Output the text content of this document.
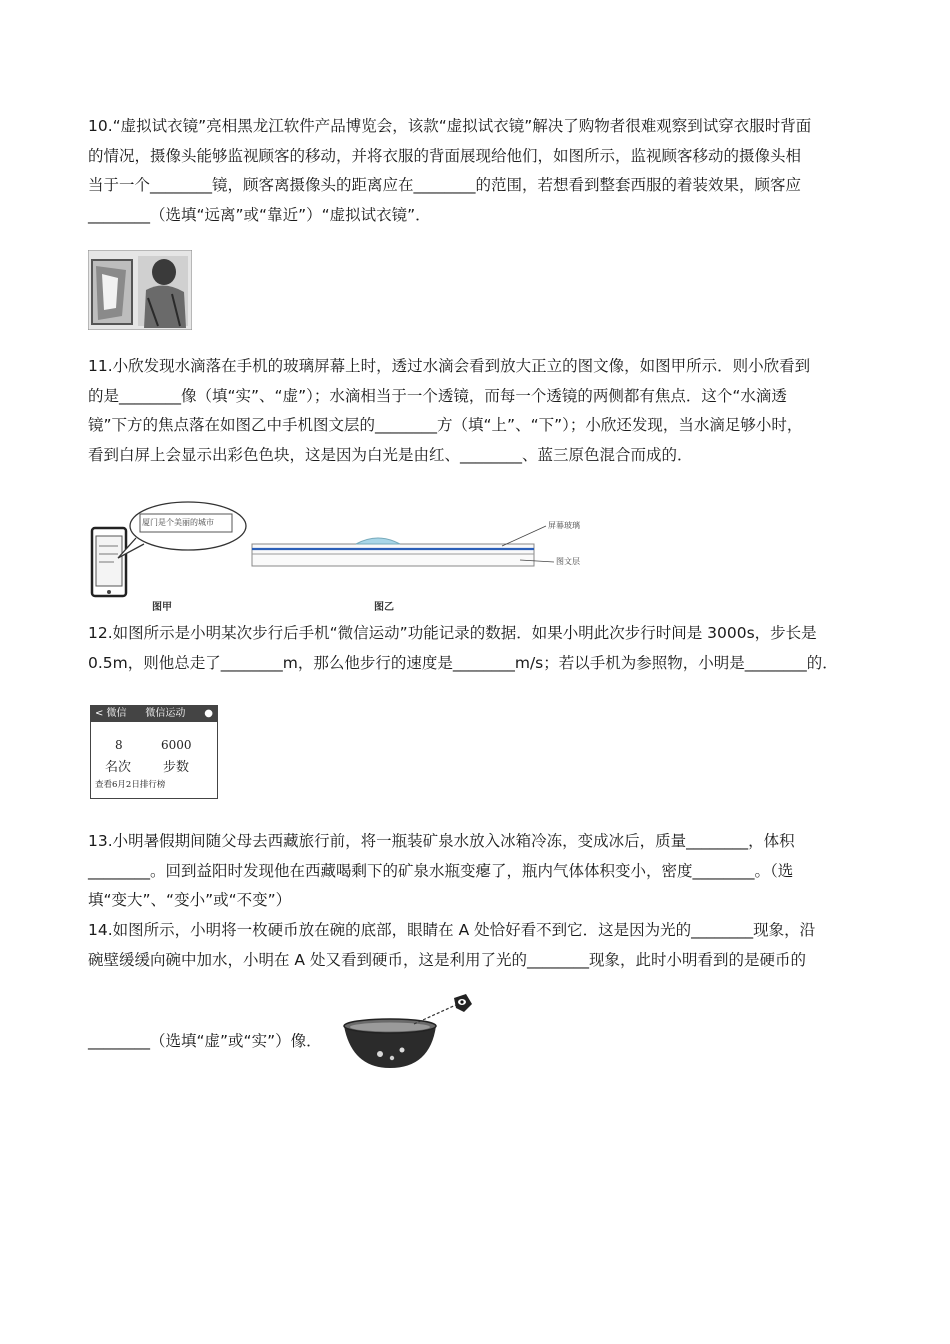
10.“虚拟试衣镜”亮相黑龙江软件产品博览会，该款“虚拟试衣镜”解决了购物者很难观察到试穿衣服时背面
的情况，摄像头能够监视顾客的移动，并将衣服的背面展现给他们，如图所示，监视顾客移动的摄像头相
当于一个________镜，顾客离摄像头的距离应在________的范围，若想看到整套西服的着装效果，顾客应
________（选填“远离”或“靠近”）“虚拟试衣镜”．
11.小欣发现水滴落在手机的玻璃屏幕上时，透过水滴会看到放大正立的图文像，如图甲所示．则小欣看到
的是________像（填“实”、“虚”）；水滴相当于一个透镜，而每一个透镜的两侧都有焦点．这个“水滴透
镜”下方的焦点落在如图乙中手机图文层的________方（填“上”、“下”）；小欣还发现，当水滴足够小时，
看到白屏上会显示出彩色色块，这是因为白光是由红、________、蓝三原色混合而成的．
厦门是个美丽的城市	屏幕玻璃
图文层
图甲	图乙
12.如图所示是小明某次步行后手机“微信运动”功能记录的数据．如果小明此次步行时间是 3000s，步长是
0.5m，则他总走了________m，那么他步行的速度是________m/s；若以手机为参照物，小明是________的．
< 微信 微信运动 ●
8	6000
名次 步数
查看6月2日排行榜
13.小明暑假期间随父母去西藏旅行前，将一瓶装矿泉水放入冰箱冷冻，变成冰后，质量________，体积
________。回到益阳时发现他在西藏喝剩下的矿泉水瓶变瘪了，瓶内气体体积变小，密度________。（选
填“变大”、“变小”或“不变”）
14.如图所示，小明将一枚硬币放在碗的底部，眼睛在 A 处恰好看不到它．这是因为光的________现象，沿
碗壁缓缓向碗中加水，小明在 A 处又看到硬币，这是利用了光的________现象，此时小明看到的是硬币的
________（选填“虚”或“实”）像．
